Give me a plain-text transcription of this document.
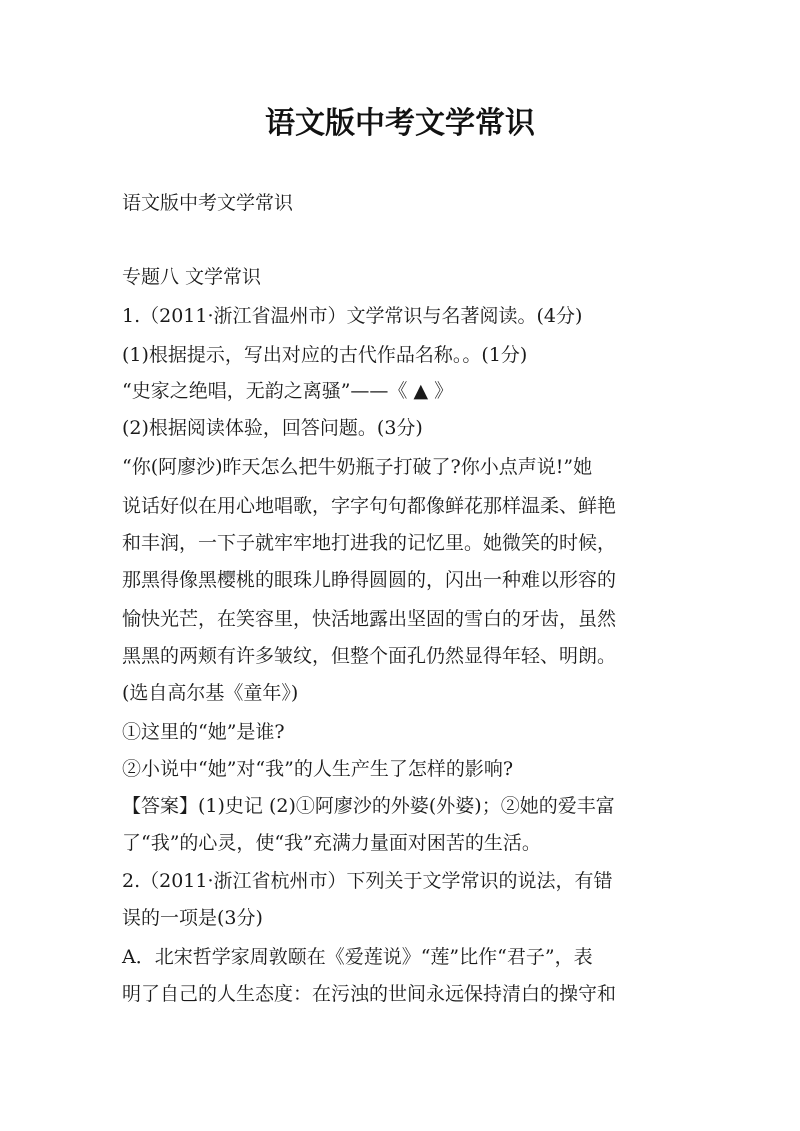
语文版中考文学常识
语文版中考文学常识
专题八 文学常识
1.（2011·浙江省温州市）文学常识与名著阅读。(4分)
(1)根据提示，写出对应的古代作品名称。。(1分)
“史家之绝唱，无韵之离骚”——《 ▲ 》
(2)根据阅读体验，回答问题。(3分)
“你(阿廖沙)昨天怎么把牛奶瓶子打破了?你小点声说!”她
说话好似在用心地唱歌，字字句句都像鲜花那样温柔、鲜艳
和丰润，一下子就牢牢地打进我的记忆里。她微笑的时候，
那黑得像黑樱桃的眼珠儿睁得圆圆的，闪出一种难以形容的
愉快光芒，在笑容里，快活地露出坚固的雪白的牙齿，虽然
黑黑的两颊有许多皱纹，但整个面孔仍然显得年轻、明朗。
(选自高尔基《童年》)
①这里的“她”是谁?
②小说中“她”对“我”的人生产生了怎样的影响?
【答案】(1)史记 (2)①阿廖沙的外婆(外婆)；②她的爱丰富
了“我”的心灵，使“我”充满力量面对困苦的生活。
2.（2011·浙江省杭州市）下列关于文学常识的说法，有错
误的一项是(3分)
A．北宋哲学家周敦颐在《爱莲说》“莲”比作“君子”，表
明了自己的人生态度：在污浊的世间永远保持清白的操守和
